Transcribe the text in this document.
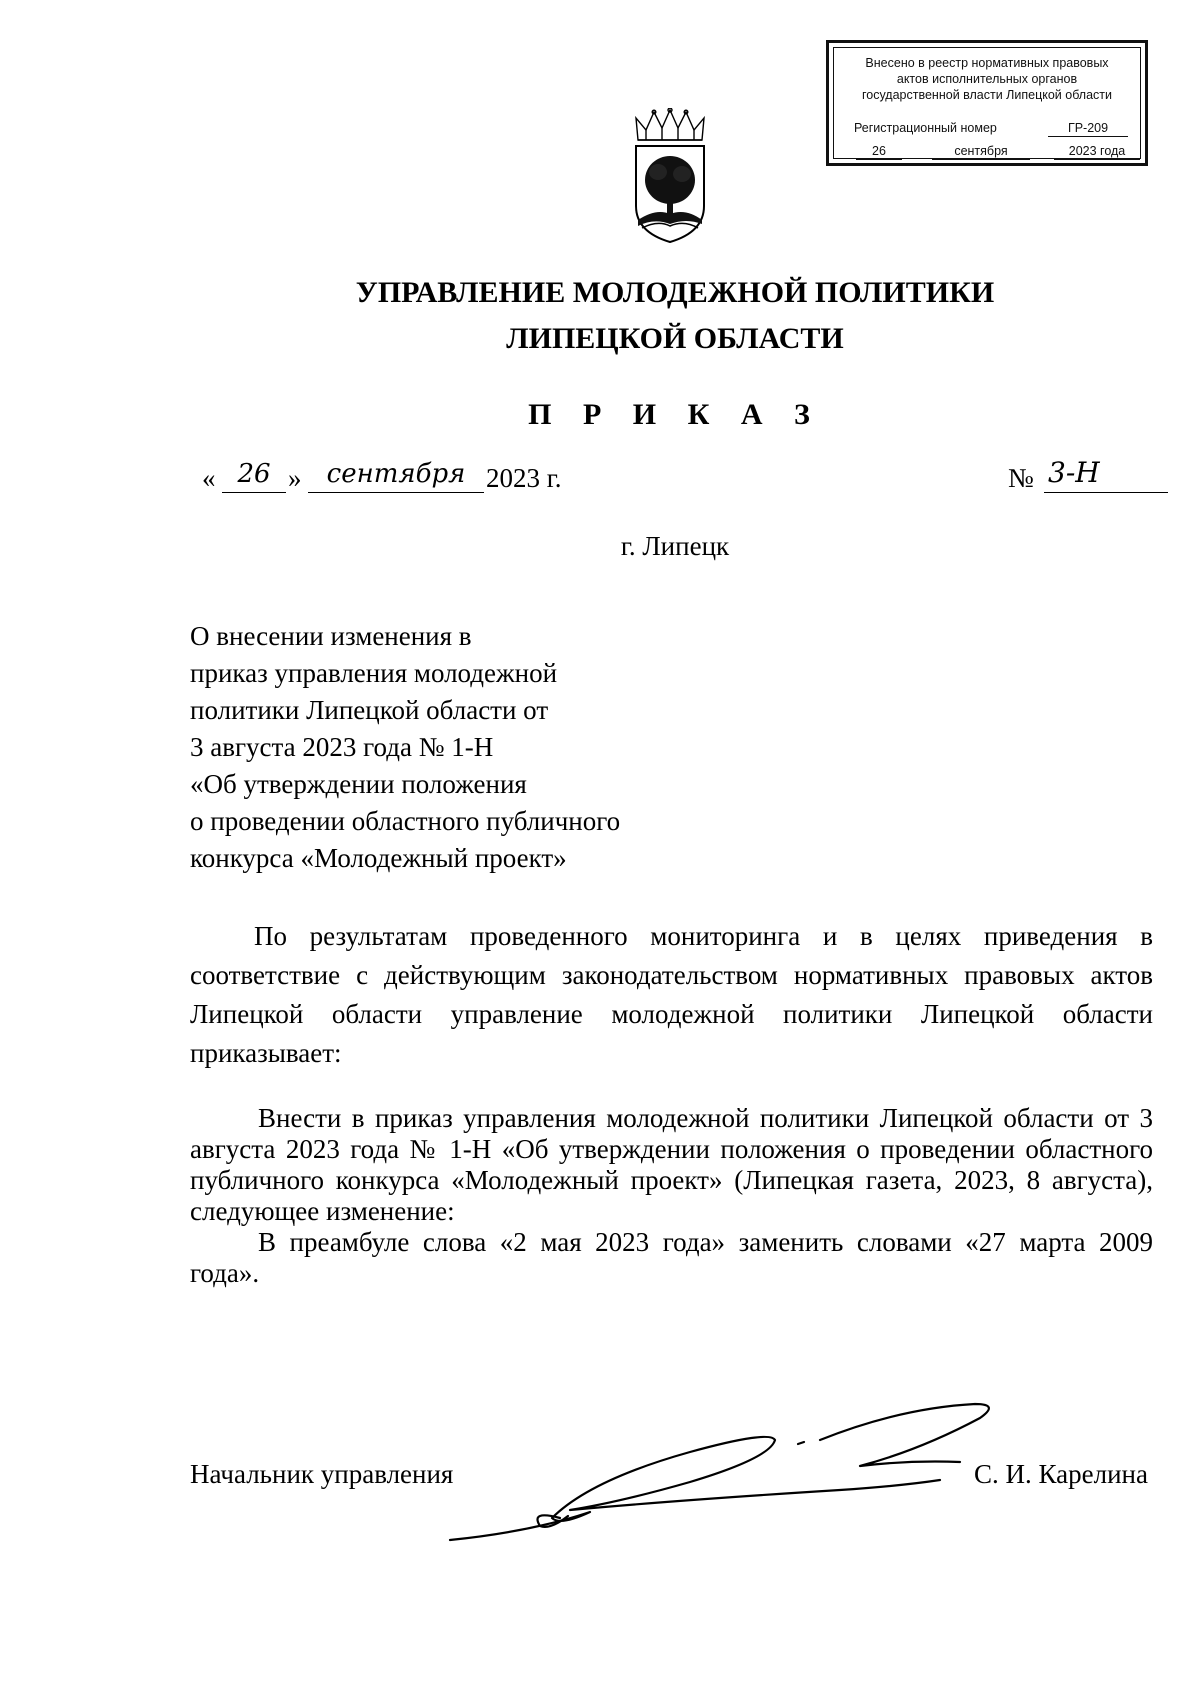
Внесено в реестр нормативных правовых
актов исполнительных органов
государственной власти Липецкой области
Регистрационный номер	ГР-209
26	сентября	2023 года
УПРАВЛЕНИЕ МОЛОДЕЖНОЙ ПОЛИТИКИ
ЛИПЕЦКОЙ ОБЛАСТИ
П Р И К А З
« 26 » сентября 2023 г.	№ 3-Н
г. Липецк
О внесении изменения в
приказ управления молодежной
политики Липецкой области от
3 августа 2023 года № 1-Н
«Об утверждении положения
о проведении областного публичного
конкурса «Молодежный проект»
По результатам проведенного мониторинга и в целях приведения в соответствие с действующим законодательством нормативных правовых актов Липецкой области управление молодежной политики Липецкой области приказывает:

Внести в приказ управления молодежной политики Липецкой области от 3 августа 2023 года № 1-Н «Об утверждении положения о проведении областного публичного конкурса «Молодежный проект» (Липецкая газета, 2023, 8 августа), следующее изменение:

В преамбуле слова «2 мая 2023 года» заменить словами «27 марта 2009 года».

Начальник управления	С. И. Карелина
